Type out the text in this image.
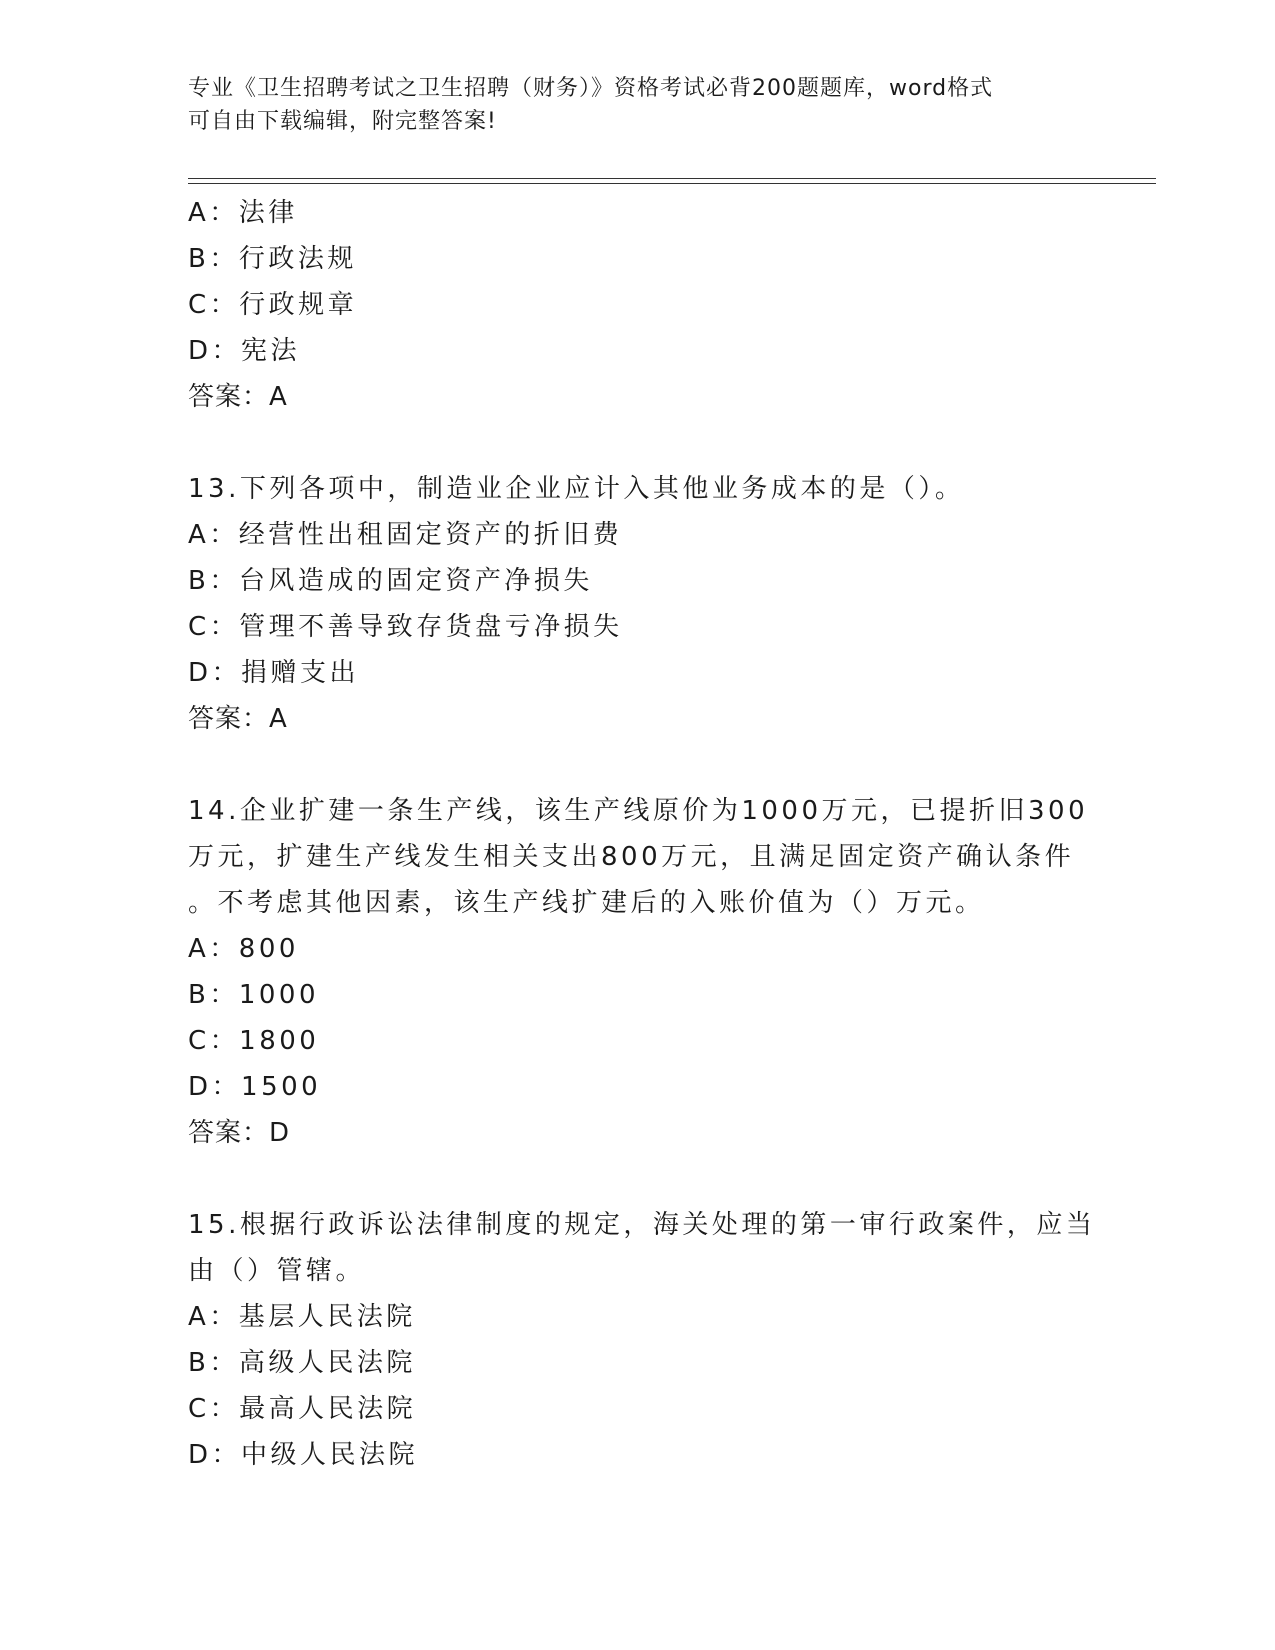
专业《卫生招聘考试之卫生招聘（财务）》资格考试必背200题题库，word格式
可自由下载编辑，附完整答案!
A：法律
B：行政法规
C：行政规章
D：宪法
答案：A
13.下列各项中，制造业企业应计入其他业务成本的是（）。
A：经营性出租固定资产的折旧费
B：台风造成的固定资产净损失
C：管理不善导致存货盘亏净损失
D：捐赠支出
答案：A
14.企业扩建一条生产线，该生产线原价为1000万元，已提折旧300
万元，扩建生产线发生相关支出800万元，且满足固定资产确认条件
。不考虑其他因素，该生产线扩建后的入账价值为（）万元。
A：800
B：1000
C：1800
D：1500
答案：D
15.根据行政诉讼法律制度的规定，海关处理的第一审行政案件，应当
由（）管辖。
A：基层人民法院
B：高级人民法院
C：最高人民法院
D：中级人民法院
